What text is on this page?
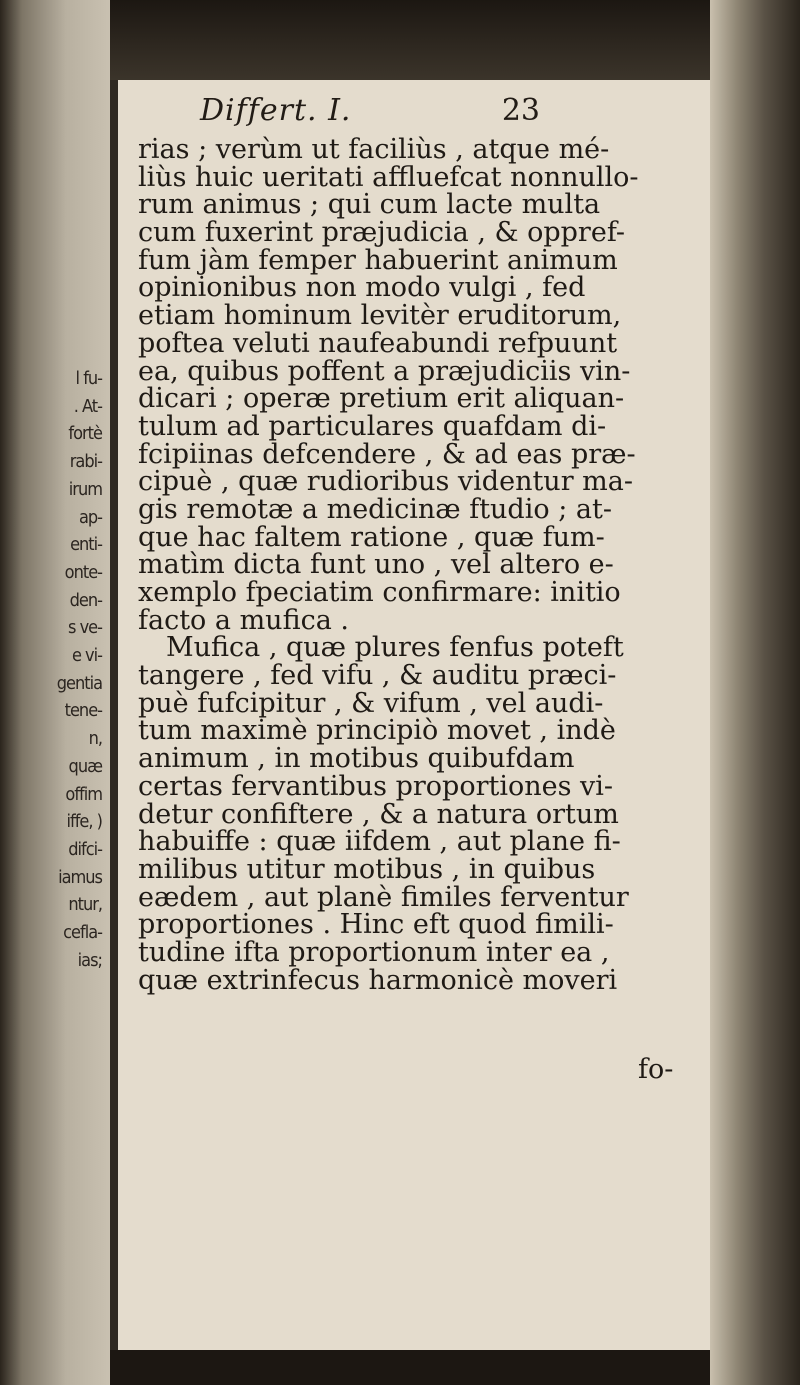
l fu-
. At-
fortè
rabi-
irum
ap-
enti-
onte-
den-
s ve-
e vi-
gentia
tene-
n, quæ
offim
iffe, )
difci-
iamus
ntur,
cefla-
ias;
Differt. I.	23
rias ; verùm ut faciliùs , atque mé-
liùs huic ueritati affluefcat nonnullo-
rum animus ; qui cum lacte multa
cum fuxerint præjudicia , & oppref-
fum jàm femper habuerint animum
opinionibus non modo vulgi , fed
etiam hominum levitèr eruditorum,
poftea veluti naufeabundi refpuunt
ea, quibus poffent a præjudiciis vin-
dicari ; operæ pretium erit aliquan-
tulum ad particulares quafdam di-
fcipiinas defcendere , & ad eas præ-
cipuè , quæ rudioribus videntur ma-
gis remotæ a medicinæ ftudio ; at-
que hac faltem ratione , quæ fum-
matìm dicta funt uno , vel altero e-
xemplo fpeciatim confirmare: initio
facto a mufica .
Mufica , quæ plures fenfus poteft
tangere , fed vifu , & auditu præci-
puè fufcipitur , & vifum , vel audi-
tum maximè principiò movet , indè
animum , in motibus quibufdam
certas fervantibus proportiones vi-
detur confiftere , & a natura ortum
habuiffe : quæ iifdem , aut plane fi-
milibus utitur motibus , in quibus
eædem , aut planè fimiles ferventur
proportiones . Hinc eft quod fimili-
tudine ifta proportionum inter ea ,
quæ extrinfecus harmonicè moveri
fo-
